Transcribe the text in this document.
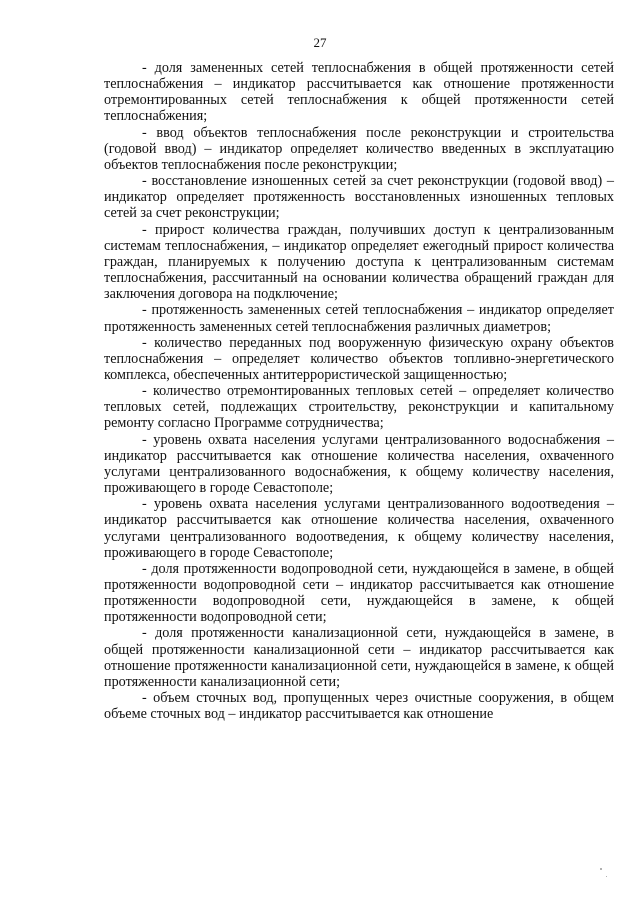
27

- доля замененных сетей теплоснабжения в общей протяженности сетей теплоснабжения – индикатор рассчитывается как отношение протяженности отремонтированных сетей теплоснабжения к общей протяженности сетей теплоснабжения;

- ввод объектов теплоснабжения после реконструкции и строительства (годовой ввод) – индикатор определяет количество введенных в эксплуатацию объектов теплоснабжения после реконструкции;

- восстановление изношенных сетей за счет реконструкции (годовой ввод) – индикатор определяет протяженность восстановленных изношенных тепловых сетей за счет реконструкции;

- прирост количества граждан, получивших доступ к централизованным системам теплоснабжения, – индикатор определяет ежегодный прирост количества граждан, планируемых к получению доступа к централизованным системам теплоснабжения, рассчитанный на основании количества обращений граждан для заключения договора на подключение;

- протяженность замененных сетей теплоснабжения – индикатор определяет протяженность замененных сетей теплоснабжения различных диаметров;

- количество переданных под вооруженную физическую охрану объектов теплоснабжения – определяет количество объектов топливно-энергетического комплекса, обеспеченных антитеррористической защищенностью;

- количество отремонтированных тепловых сетей – определяет количество тепловых сетей, подлежащих строительству, реконструкции и капитальному ремонту согласно Программе сотрудничества;

- уровень охвата населения услугами централизованного водоснабжения – индикатор рассчитывается как отношение количества населения, охваченного услугами централизованного водоснабжения, к общему количеству населения, проживающего в городе Севастополе;

- уровень охвата населения услугами централизованного водоотведения – индикатор рассчитывается как отношение количества населения, охваченного услугами централизованного водоотведения, к общему количеству населения, проживающего в городе Севастополе;

- доля протяженности водопроводной сети, нуждающейся в замене, в общей протяженности водопроводной сети – индикатор рассчитывается как отношение протяженности водопроводной сети, нуждающейся в замене, к общей протяженности водопроводной сети;

- доля протяженности канализационной сети, нуждающейся в замене, в общей протяженности канализационной сети – индикатор рассчитывается как отношение протяженности канализационной сети, нуждающейся в замене, к общей протяженности канализационной сети;

- объем сточных вод, пропущенных через очистные сооружения, в общем объеме сточных вод – индикатор рассчитывается как отношение
